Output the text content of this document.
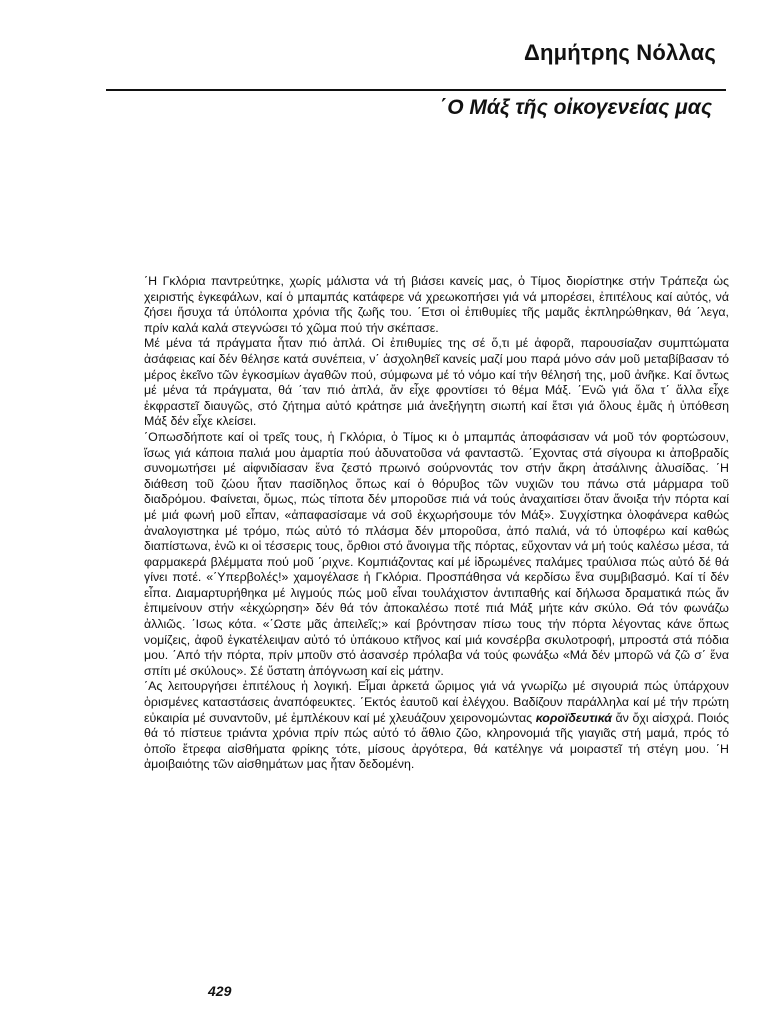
Δημήτρης Νόλλας
΄Ο Μάξ τῆς οἰκογενείας μας

΄Η Γκλόρια παντρεύτηκε, χωρίς μάλιστα νά τή βιάσει κανείς μας, ὁ Τίμος διορίστηκε στήν Τράπεζα ὡς χειριστής ἐγκεφάλων, καί ὁ μπαμπάς κατάφερε νά χρεωκοπήσει γιά νά μπορέσει, ἐπιτέλους καί αὐτός, νά ζήσει ἥσυχα τά ὑπόλοιπα χρόνια τῆς ζωῆς του. ΄Ετσι οἱ ἐπιθυμίες τῆς μαμᾶς ἐκπληρώθηκαν, θά ΄λεγα, πρίν καλά καλά στεγνώσει τό χῶμα πού τήν σκέπασε.

Μέ μένα τά πράγματα ἦταν πιό ἁπλά. Οἱ ἐπιθυμίες της σέ ὅ,τι μέ ἀφορᾶ, παρουσίαζαν συμπτώματα ἀσάφειας καί δέν θέλησε κατά συνέπεια, ν΄ ἀσχοληθεῖ κανείς μαζί μου παρά μόνο σάν μοῦ μεταβίβασαν τό μέρος ἐκεῖνο τῶν ἐγκοσμίων ἀγαθῶν πού, σύμφωνα μέ τό νόμο καί τήν θέλησή της, μοῦ ἀνῆκε. Καί ὄντως μέ μένα τά πράγματα, θά ΄ταν πιό ἁπλά, ἄν εἶχε φροντίσει τό θέμα Μάξ. ΄Ενῶ γιά ὅλα τ΄ ἄλλα εἶχε ἐκφραστεῖ διαυγῶς, στό ζήτημα αὐτό κράτησε μιά ἀνεξήγητη σιωπή καί ἔτσι γιά ὅλους ἐμᾶς ἡ ὑπόθεση Μάξ δέν εἶχε κλείσει.

΄Οπωσδήποτε καί οἱ τρεῖς τους, ἡ Γκλόρια, ὁ Τίμος κι ὁ μπαμπάς ἀποφάσισαν νά μοῦ τόν φορτώσουν, ἴσως γιά κάποια παλιά μου ἁμαρτία πού ἀδυνατοῦσα νά φανταστῶ. ΄Εχοντας στά σίγουρα κι ἀποβραδίς συνομωτήσει μέ αἰφνιδίασαν ἕνα ζεστό πρωινό σούρνοντάς τον στήν ἄκρη ἀτσάλινης ἁλυσίδας. ΄Η διάθεση τοῦ ζώου ἦταν πασίδηλος ὅπως καί ὁ θόρυβος τῶν νυχιῶν του πάνω στά μάρμαρα τοῦ διαδρόμου. Φαίνεται, ὅμως, πώς τίποτα δέν μποροῦσε πιά νά τούς ἀναχαιτίσει ὅταν ἄνοιξα τήν πόρτα καί μέ μιά φωνή μοῦ εἶπαν, «ἀπαφασίσαμε νά σοῦ ἐκχωρήσουμε τόν Μάξ». Συγχίστηκα ὁλοφάνερα καθώς ἀναλογιστηκα μέ τρόμο, πώς αὐτό τό πλάσμα δέν μποροῦσα, ἀπό παλιά, νά τό ὑποφέρω καί καθώς διαπίστωνα, ἐνῶ κι οἱ τέσσερις τους, ὄρθιοι στό ἄνοιγμα τῆς πόρτας, εὔχονταν νά μή τούς καλέσω μέσα, τά φαρμακερά βλέμματα πού μοῦ ΄ριχνε. Κομπιάζοντας καί μέ ἱδρωμένες παλάμες τραύλισα πώς αὐτό δέ θά γίνει ποτέ. «΄Υπερβολές!» χαμογέλασε ἡ Γκλόρια. Προσπάθησα νά κερδίσω ἕνα συμβιβασμό. Καί τί δέν εἶπα. Διαμαρτυρήθηκα μέ λιγμούς πώς μοῦ εἶναι τουλάχιστον ἀντιπαθής καί δήλωσα δραματικά πώς ἄν ἐπιμείνουν στήν «ἐκχώρηση» δέν θά τόν ἀποκαλέσω ποτέ πιά Μάξ μήτε κάν σκύλο. Θά τόν φωνάζω ἀλλιῶς. ΄Ισως κότα. «΄Ωστε μᾶς ἀπειλεῖς;» καί βρόντησαν πίσω τους τήν πόρτα λέγοντας κάνε ὅπως νομίζεις, ἀφοῦ ἐγκατέλειψαν αὐτό τό ὑπάκουο κτῆνος καί μιά κονσέρβα σκυλοτροφή, μπροστά στά πόδια μου. ΄Από τήν πόρτα, πρίν μποῦν στό ἀσανσέρ πρόλαβα νά τούς φωνάξω «Μά δέν μπορῶ νά ζῶ σ΄ ἕνα σπίτι μέ σκύλους». Σέ ὕστατη ἀπόγνωση καί εἰς μάτην.

΄Ας λειτουργήσει ἐπιτέλους ἡ λογική. Εἶμαι ἀρκετά ὥριμος γιά νά γνωρίζω μέ σιγουριά πώς ὑπάρχουν ὁρισμένες καταστάσεις ἀναπόφευκτες. ΄Εκτός ἑαυτοῦ καί ἐλέγχου. Βαδίζουν παράλληλα καί μέ τήν πρώτη εὐκαιρία μέ συναντοῦν, μέ ἐμπλέκουν καί μέ χλευάζουν χειρονομώντας κοροϊδευτικά ἄν ὄχι αἰσχρά. Ποιός θά τό πίστευε τριάντα χρόνια πρίν πώς αὐτό τό ἄθλιο ζῶο, κληρονομιά τῆς γιαγιᾶς στή μαμά, πρός τό ὁποῖο ἔτρεφα αἰσθήματα φρίκης τότε, μίσους ἀργότερα, θά κατέληγε νά μοιραστεῖ τή στέγη μου. ΄Η ἀμοιβαιότης τῶν αἰσθημάτων μας ἦταν δεδομένη.

429
